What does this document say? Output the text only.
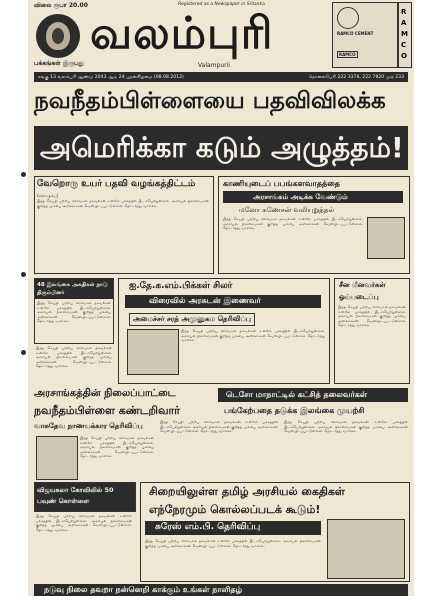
விலை ரூபா 20.00	Registered as a Newspaper in Srilanka
வலம்புரி
பக்கங்கள் இருபது	Valampurii
RAMCO CEMENT
RAMCO
R A M C O
சங்கு 13 வலம்புரி ஆண்டு 2043 ஆடி 24 புதன்கிழமை (08.08.2012)	தொலைபேசி 222 3378, 222 7820 முத் 233
நவநீதம்பிள்ளையை பதவிவிலக்க
அமெரிக்கா கடும் அழுத்தம்!
வேறொரு உயர் பதவி வழங்கத்திட்டம்
(கொழும்பு)
இந்த செய்தி பற்றிய விரிவான தகவல்கள் உள்ளே பக்கத்தில் இடம்பெற்றுள்ளன. அரசியல் நிலைமைகள் குறித்த முக்கிய அறிக்கைகள் வெளியிடப்பட்டுள்ளன. தொடர்ந்து வாசிக்க.
காணியுடைப் பபங்களவாதத்தை
அரசாங்கம் அடிக்க வேண்டும்
மனோ கணேசன் வலியுறுத்தல்
இந்த செய்தி பற்றிய விரிவான தகவல்கள் உள்ளே பக்கத்தில் இடம்பெற்றுள்ளன. அரசியல் நிலைமைகள் குறித்த முக்கிய அறிக்கைகள் வெளியிடப்பட்டுள்ளன. தொடர்ந்து வாசிக்க.
48 இலங்கை அகதிகள் நாடு திரும்பினர்
இந்த செய்தி பற்றிய விரிவான தகவல்கள் உள்ளே பக்கத்தில் இடம்பெற்றுள்ளன. அரசியல் நிலைமைகள் குறித்த முக்கிய அறிக்கைகள் வெளியிடப்பட்டுள்ளன. தொடர்ந்து வாசிக்க.
ஐ.தே.க.எம்.பிக்கள் சிலர்
விரைவில் அரசுடன் இணைவர்
அமைச்சர் சரத் அமுனுகம தெரிவிப்பு
இந்த செய்தி பற்றிய விரிவான தகவல்கள் உள்ளே பக்கத்தில் இடம்பெற்றுள்ளன. அரசியல் நிலைமைகள் குறித்த முக்கிய அறிக்கைகள் வெளியிடப்பட்டுள்ளன. தொடர்ந்து வாசிக்க.
சீன மீனவர்கள்
ஓய்படைப்பு
இந்த செய்தி பற்றிய விரிவான தகவல்கள் உள்ளே பக்கத்தில் இடம்பெற்றுள்ளன. அரசியல் நிலைமைகள் குறித்த முக்கிய அறிக்கைகள் வெளியிடப்பட்டுள்ளன. தொடர்ந்து வாசிக்க.
இந்த செய்தி பற்றிய விரிவான தகவல்கள் உள்ளே பக்கத்தில் இடம்பெற்றுள்ளன. அரசியல் நிலைமைகள் குறித்த முக்கிய அறிக்கைகள் வெளியிடப்பட்டுள்ளன. தொடர்ந்து வாசிக்க.
அரசாங்கத்தின் நிலைப்பாட்டை
நவநீதம்பிள்ளை கண்டறிவார்
வாசுதேவ நாணயக்கார தெரிவிப்பு
இந்த செய்தி பற்றிய விரிவான தகவல்கள் உள்ளே பக்கத்தில் இடம்பெற்றுள்ளன. அரசியல் நிலைமைகள் குறித்த முக்கிய அறிக்கைகள் வெளியிடப்பட்டுள்ளன. தொடர்ந்து வாசிக்க.
டெசோ மாநாட்டில் கட்சித் தலைவர்கள்
பங்கேற்பதை தடுக்க இலங்கை முயற்சி
இந்த செய்தி பற்றிய விரிவான தகவல்கள் உள்ளே பக்கத்தில் இடம்பெற்றுள்ளன. அரசியல் நிலைமைகள் குறித்த முக்கிய அறிக்கைகள் வெளியிடப்பட்டுள்ளன. தொடர்ந்து வாசிக்க.
இந்த செய்தி பற்றிய விரிவான தகவல்கள் உள்ளே பக்கத்தில் இடம்பெற்றுள்ளன. அரசியல் நிலைமைகள் குறித்த முக்கிய அறிக்கைகள் வெளியிடப்பட்டுள்ளன. தொடர்ந்து வாசிக்க.
விஜயகலா கோவிலில் 50 பவுண் கொள்ளை
இந்த செய்தி பற்றிய விரிவான தகவல்கள் உள்ளே பக்கத்தில் இடம்பெற்றுள்ளன. அரசியல் நிலைமைகள் குறித்த முக்கிய அறிக்கைகள் வெளியிடப்பட்டுள்ளன. தொடர்ந்து வாசிக்க.
சிறையிலுள்ள தமிழ் அரசியல் கைதிகள்
எந்நேரமும் கொல்லப்படக் கூடும்!
சுரேஸ் எம்.பி. தெரிவிப்பு
இந்த செய்தி பற்றிய விரிவான தகவல்கள் உள்ளே பக்கத்தில் இடம்பெற்றுள்ளன. அரசியல் நிலைமைகள் குறித்த முக்கிய அறிக்கைகள் வெளியிடப்பட்டுள்ளன. தொடர்ந்து வாசிக்க.
நடுவு நிலை தவறா நன்னெறி காக்கும் உங்கள் நாளிதழ்
